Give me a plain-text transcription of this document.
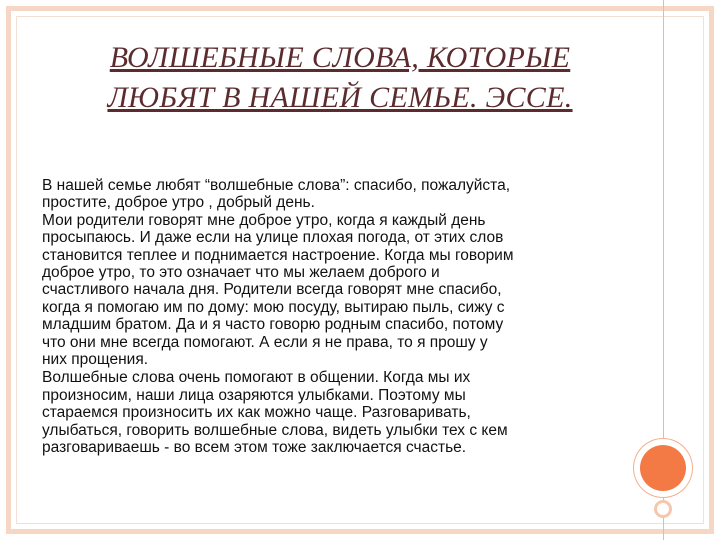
ВОЛШЕБНЫЕ СЛОВА, КОТОРЫЕ
ЛЮБЯТ В НАШЕЙ СЕМЬЕ. ЭССЕ.
В нашей семье любят “волшебные слова”: спасибо, пожалуйста,
простите, доброе утро , добрый день.
Мои родители говорят мне доброе утро, когда я каждый день
просыпаюсь. И даже если на улице плохая погода, от этих слов
становится теплее и поднимается настроение. Когда мы говорим
доброе утро, то это означает что мы желаем доброго и
счастливого начала дня. Родители всегда говорят мне спасибо,
когда я помогаю им по дому: мою посуду, вытираю пыль, сижу с
младшим братом. Да и я часто говорю родным спасибо, потому
что они мне всегда помогают. А если я не права, то я прошу у
них прощения.
Волшебные слова очень помогают в общении. Когда мы их
произносим, наши лица озаряются улыбками. Поэтому мы
стараемся произносить их как можно чаще. Разговаривать,
улыбаться, говорить волшебные слова, видеть улыбки тех с кем
разговариваешь - во всем этом тоже заключается счастье.
